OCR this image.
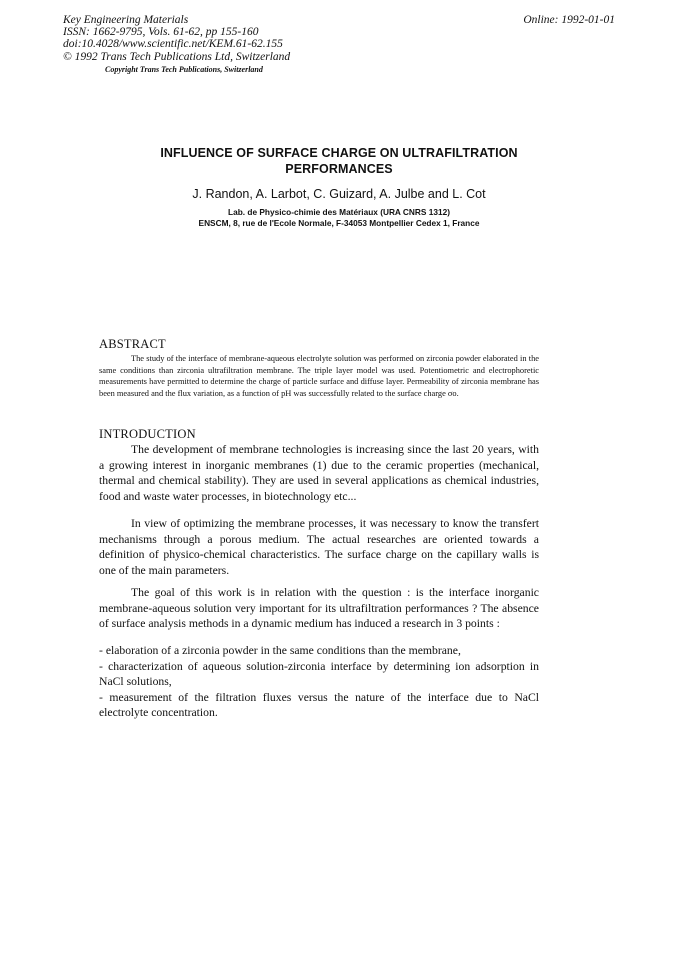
Key Engineering Materials
ISSN: 1662-9795, Vols. 61-62, pp 155-160
doi:10.4028/www.scientific.net/KEM.61-62.155
© 1992 Trans Tech Publications Ltd, Switzerland
Copyright Trans Tech Publications, Switzerland
Online: 1992-01-01
INFLUENCE OF SURFACE CHARGE ON ULTRAFILTRATION
PERFORMANCES
J. Randon, A. Larbot, C. Guizard, A. Julbe and L. Cot
Lab. de Physico-chimie des Matériaux (URA CNRS 1312)
ENSCM, 8, rue de l'Ecole Normale, F-34053 Montpellier Cedex 1, France
ABSTRACT
The study of the interface of membrane-aqueous electrolyte solution was performed on zirconia powder elaborated in the same conditions than zirconia ultrafiltration membrane. The triple layer model was used. Potentiometric and electrophoretic measurements have permitted to determine the charge of particle surface and diffuse layer. Permeability of zirconia membrane has been measured and the flux variation, as a function of pH was successfully related to the surface charge σo.
INTRODUCTION
The development of membrane technologies is increasing since the last 20 years, with a growing interest in inorganic membranes (1) due to the ceramic properties (mechanical, thermal and chemical stability). They are used in several applications as chemical industries, food and waste water processes, in biotechnology etc...
In view of optimizing the membrane processes, it was necessary to know the transfert mechanisms through a porous medium. The actual researches are oriented towards a definition of physico-chemical characteristics. The surface charge on the capillary walls is one of the main parameters.
The goal of this work is in relation with the question : is the interface inorganic membrane-aqueous solution very important for its ultrafiltration performances ? The absence of surface analysis methods in a dynamic medium has induced a research in 3 points :
- elaboration of a zirconia powder in the same conditions than the membrane,
- characterization of aqueous solution-zirconia interface by determining ion adsorption in NaCl solutions,
- measurement of the filtration fluxes versus the nature of the interface due to NaCl electrolyte concentration.
